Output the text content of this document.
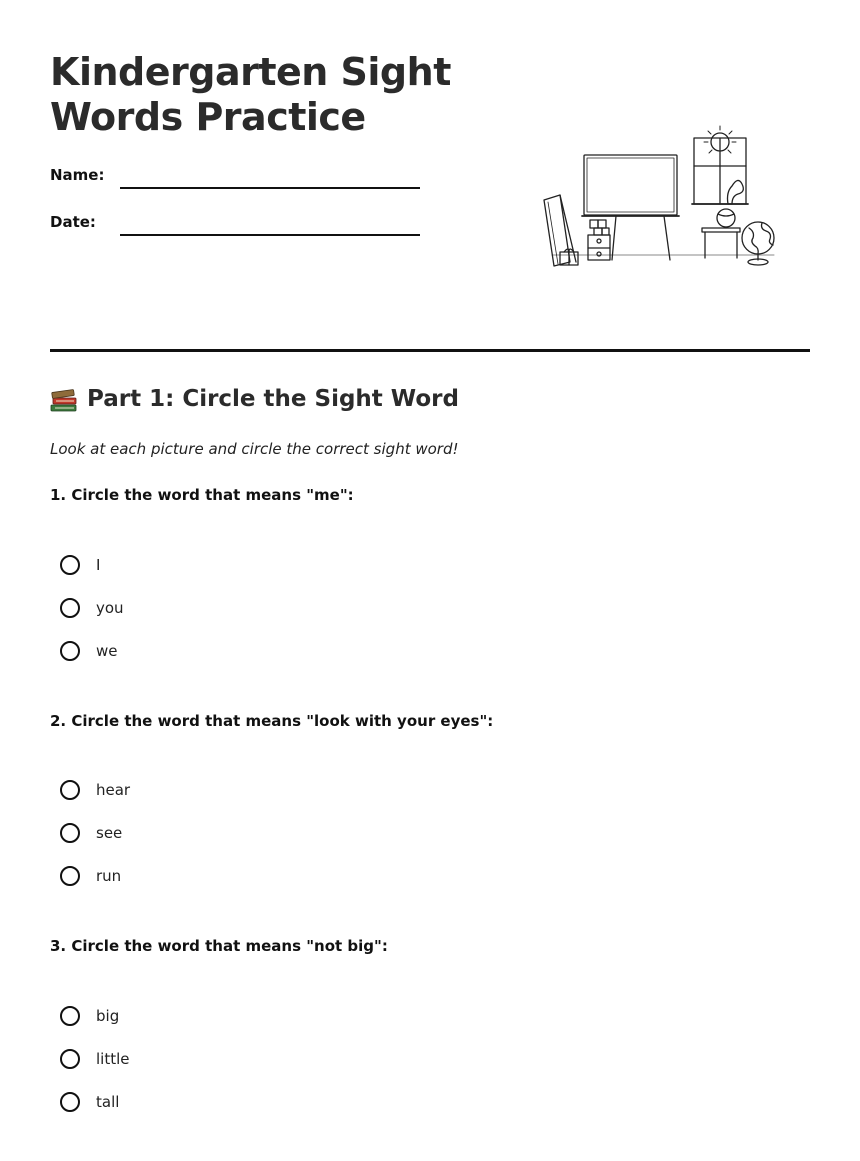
Kindergarten Sight
Words Practice
Name:
Date:
Part 1: Circle the Sight Word
Look at each picture and circle the correct sight word!
1. Circle the word that means "me":
I
you
we
2. Circle the word that means "look with your eyes":
hear
see
run
3. Circle the word that means "not big":
big
little
tall
